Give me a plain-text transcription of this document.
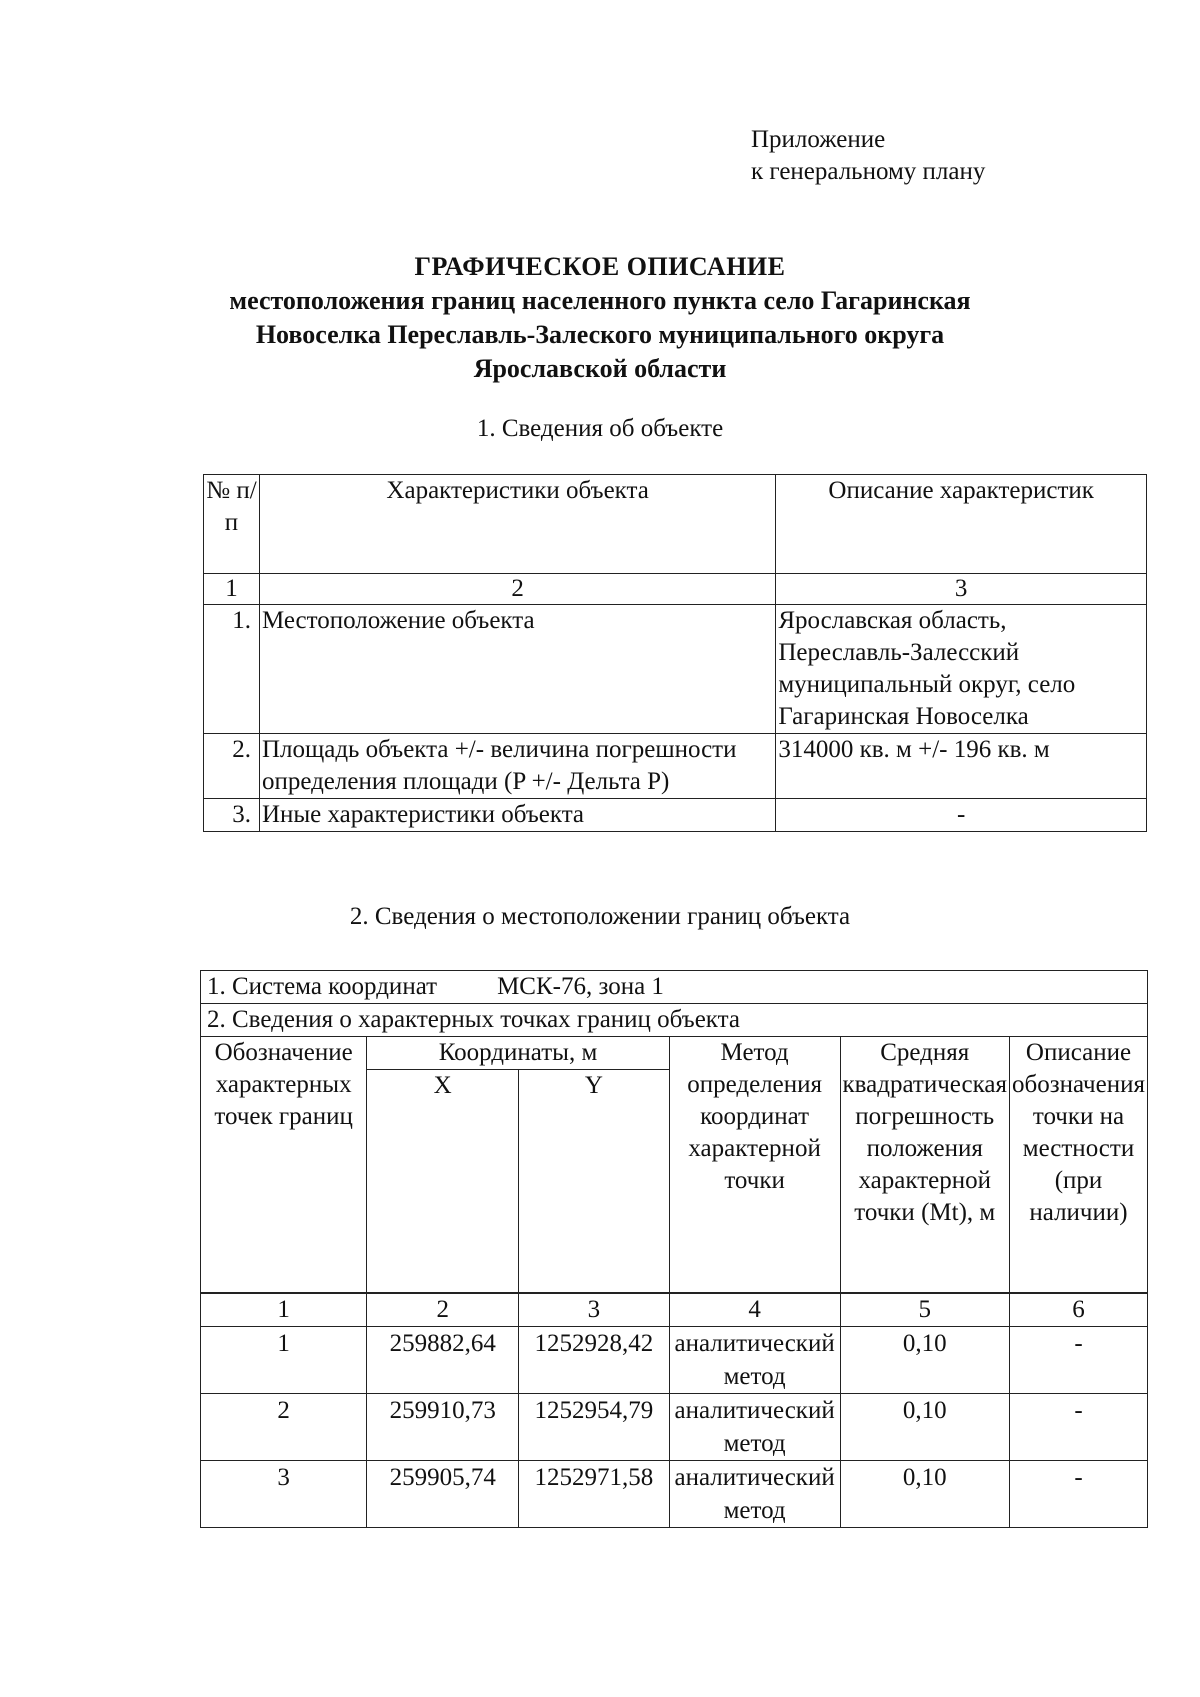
Приложение
к генеральному плану
ГРАФИЧЕСКОЕ ОПИСАНИЕ
местоположения границ населенного пункта село Гагаринская
Новоселка Переславль-Залеского муниципального округа
Ярославской области
1. Сведения об объекте
№ п/п	Характеристики объекта	Описание характеристик
1	2	3
1.	Местоположение объекта	Ярославская область, Переславль-Залесский муниципальный округ, село Гагаринская Новоселка
2.	Площадь объекта +/- величина погрешности определения площади (P +/- Дельта P)	314000 кв. м +/- 196 кв. м
3.	Иные характеристики объекта	-
2. Сведения о местоположении границ объекта
1. Система координат МСК-76, зона 1					
2. Сведения о характерных точках границ объекта					
Обозначение характерных точек границ	Координаты, м		Метод определения координат характерной точки	Средняя квадратическая погрешность положения характерной точки (Mt), м	Описание обозначения точки на местности (при наличии)
	X	Y			
1	2	3	4	5	6
1	259882,64	1252928,42	аналитический метод	0,10	-
2	259910,73	1252954,79	аналитический метод	0,10	-
3	259905,74	1252971,58	аналитический метод	0,10	-
